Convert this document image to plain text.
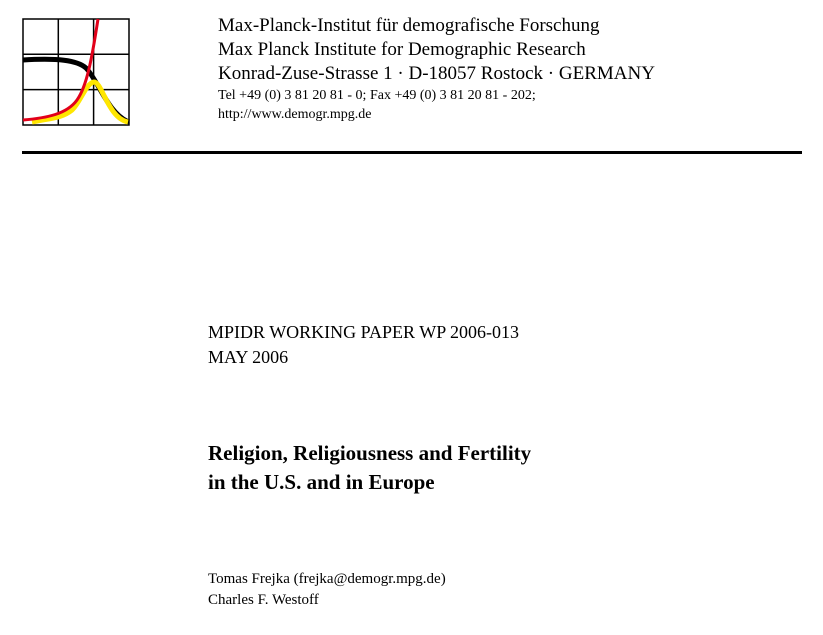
Max-Planck-Institut für demografische Forschung
Max Planck Institute for Demographic Research
Konrad-Zuse-Strasse 1 · D-18057 Rostock · GERMANY
Tel +49 (0) 3 81 20 81 - 0; Fax +49 (0) 3 81 20 81 - 202;
http://www.demogr.mpg.de
MPIDR WORKING PAPER WP 2006-013
MAY 2006
Religion, Religiousness and Fertility
in the U.S. and in Europe
Tomas Frejka (frejka@demogr.mpg.de)
Charles F. Westoff
